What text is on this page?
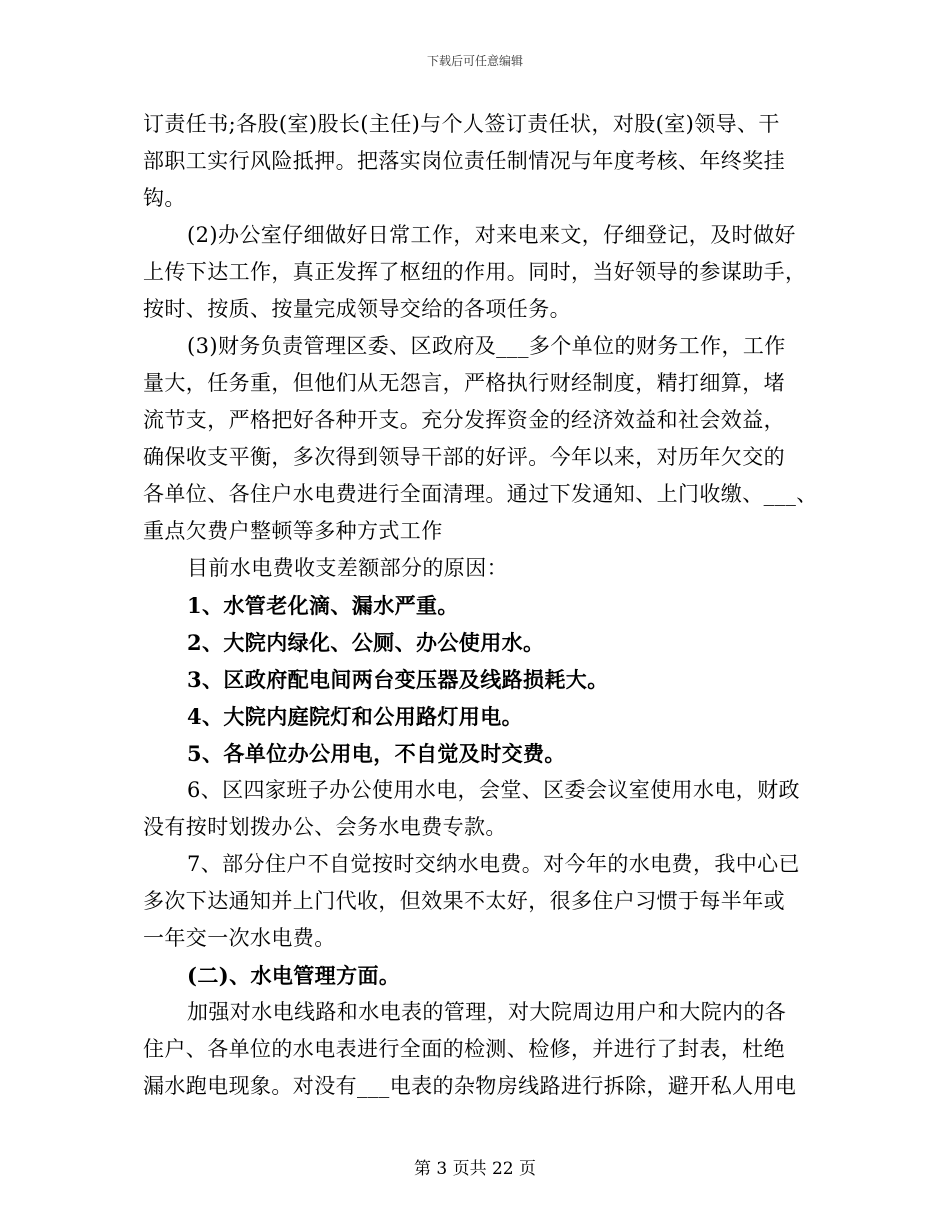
下载后可任意编辑
订责任书;各股(室)股长(主任)与个人签订责任状，对股(室)领导、干
部职工实行风险抵押。把落实岗位责任制情况与年度考核、年终奖挂
钩。
(2)办公室仔细做好日常工作，对来电来文，仔细登记，及时做好
上传下达工作，真正发挥了枢纽的作用。同时，当好领导的参谋助手，
按时、按质、按量完成领导交给的各项任务。
(3)财务负责管理区委、区政府及___多个单位的财务工作，工作
量大，任务重，但他们从无怨言，严格执行财经制度，精打细算，堵
流节支，严格把好各种开支。充分发挥资金的经济效益和社会效益，
确保收支平衡，多次得到领导干部的好评。今年以来，对历年欠交的
各单位、各住户水电费进行全面清理。通过下发通知、上门收缴、___、
重点欠费户整顿等多种方式工作
目前水电费收支差额部分的原因：
1、水管老化滴、漏水严重。
2、大院内绿化、公厕、办公使用水。
3、区政府配电间两台变压器及线路损耗大。
4、大院内庭院灯和公用路灯用电。
5、各单位办公用电，不自觉及时交费。
6、区四家班子办公使用水电，会堂、区委会议室使用水电，财政
没有按时划拨办公、会务水电费专款。
7、部分住户不自觉按时交纳水电费。对今年的水电费，我中心已
多次下达通知并上门代收，但效果不太好，很多住户习惯于每半年或
一年交一次水电费。
(二)、水电管理方面。
加强对水电线路和水电表的管理，对大院周边用户和大院内的各
住户、各单位的水电表进行全面的检测、检修，并进行了封表，杜绝
漏水跑电现象。对没有___电表的杂物房线路进行拆除，避开私人用电
第 3 页共 22 页
